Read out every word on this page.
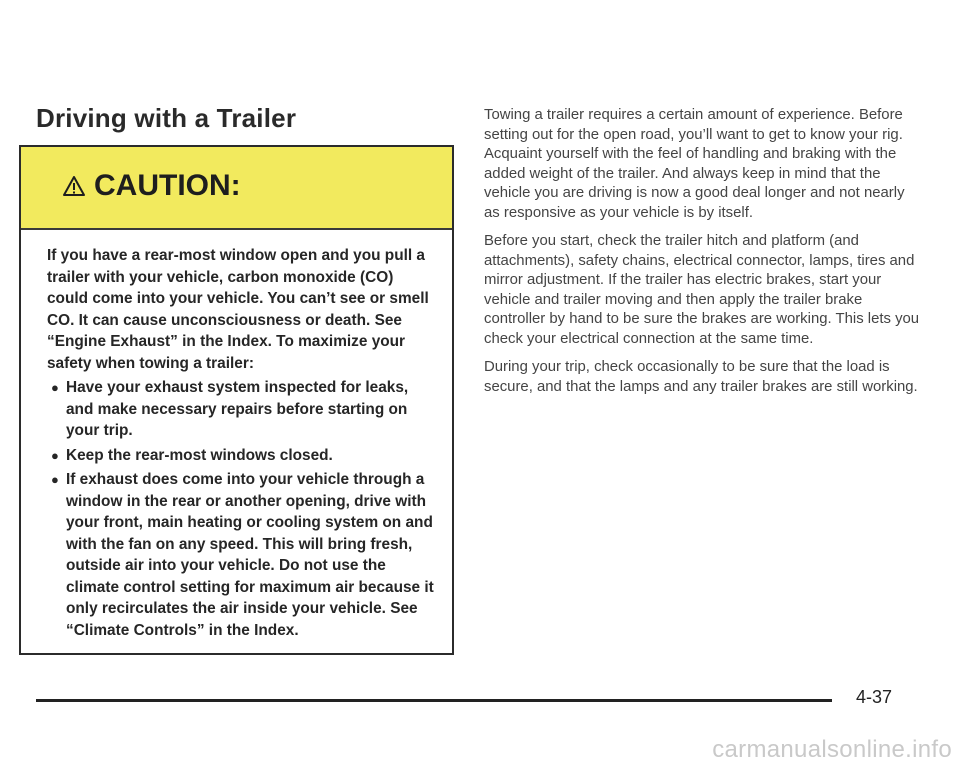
Driving with a Trailer
CAUTION:

If you have a rear-most window open and you pull a trailer with your vehicle, carbon monoxide (CO) could come into your vehicle. You can’t see or smell CO. It can cause unconsciousness or death. See “Engine Exhaust” in the Index. To maximize your safety when towing a trailer:

● Have your exhaust system inspected for leaks, and make necessary repairs before starting on your trip.
● Keep the rear-most windows closed.
● If exhaust does come into your vehicle through a window in the rear or another opening, drive with your front, main heating or cooling system on and with the fan on any speed. This will bring fresh, outside air into your vehicle. Do not use the climate control setting for maximum air because it only recirculates the air inside your vehicle. See “Climate Controls” in the Index.

Towing a trailer requires a certain amount of experience. Before setting out for the open road, you’ll want to get to know your rig. Acquaint yourself with the feel of handling and braking with the added weight of the trailer. And always keep in mind that the vehicle you are driving is now a good deal longer and not nearly as responsive as your vehicle is by itself.

Before you start, check the trailer hitch and platform (and attachments), safety chains, electrical connector, lamps, tires and mirror adjustment. If the trailer has electric brakes, start your vehicle and trailer moving and then apply the trailer brake controller by hand to be sure the brakes are working. This lets you check your electrical connection at the same time.

During your trip, check occasionally to be sure that the load is secure, and that the lamps and any trailer brakes are still working.

4-37
carmanualsonline.info
